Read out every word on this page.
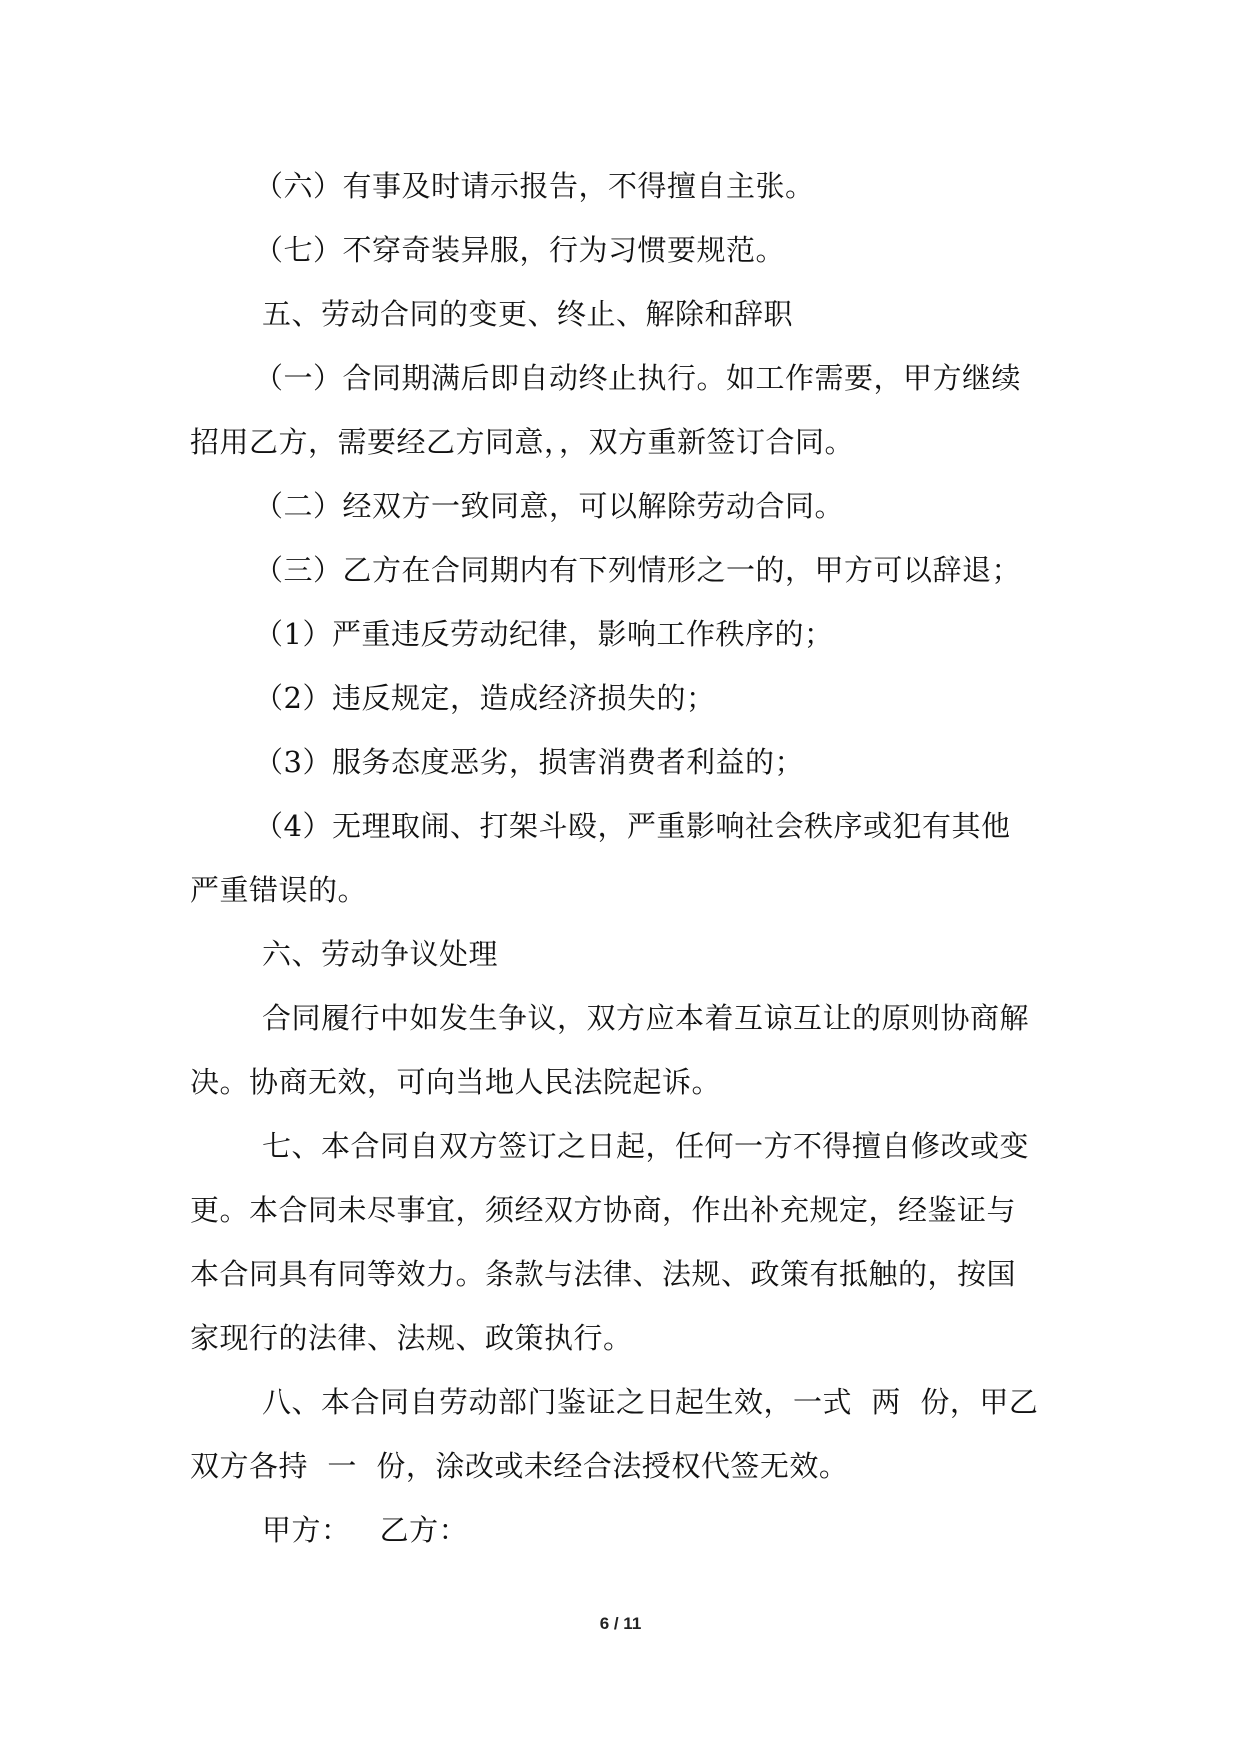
（六）有事及时请示报告，不得擅自主张。
（七）不穿奇装异服，行为习惯要规范。
五、劳动合同的变更、终止、解除和辞职
（一）合同期满后即自动终止执行。如工作需要，甲方继续
招用乙方，需要经乙方同意，，双方重新签订合同。
（二）经双方一致同意，可以解除劳动合同。
（三）乙方在合同期内有下列情形之一的，甲方可以辞退；
（1）严重违反劳动纪律，影响工作秩序的；
（2）违反规定，造成经济损失的；
（3）服务态度恶劣，损害消费者利益的；
（4）无理取闹、打架斗殴，严重影响社会秩序或犯有其他
严重错误的。
六、劳动争议处理
合同履行中如发生争议，双方应本着互谅互让的原则协商解
决。协商无效，可向当地人民法院起诉。
七、本合同自双方签订之日起，任何一方不得擅自修改或变
更。本合同未尽事宜，须经双方协商，作出补充规定，经鉴证与
本合同具有同等效力。条款与法律、法规、政策有抵触的，按国
家现行的法律、法规、政策执行。
八、本合同自劳动部门鉴证之日起生效，一式  两  份，甲乙
双方各持  一  份，涂改或未经合法授权代签无效。
甲方：   乙方：
6 / 11
